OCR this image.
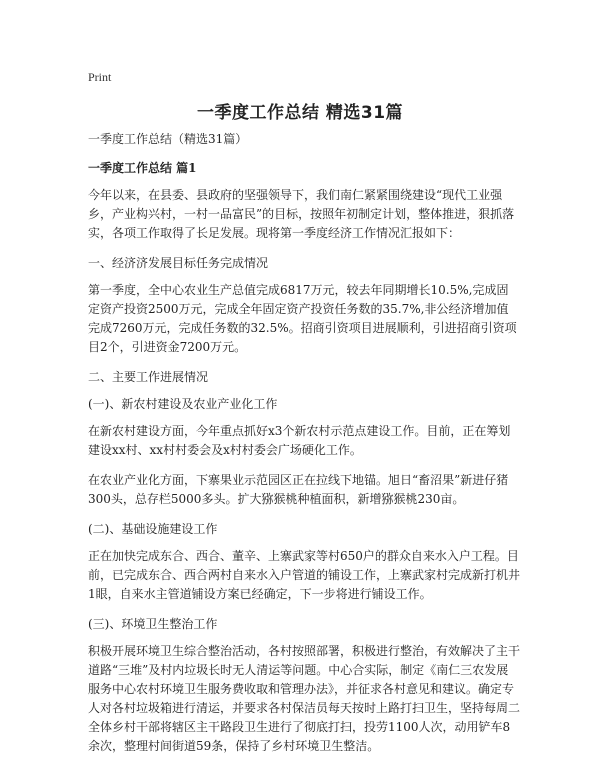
Print
一季度工作总结 精选31篇

一季度工作总结（精选31篇）

一季度工作总结 篇1

今年以来，在县委、县政府的坚强领导下，我们南仁紧紧围绕建设“现代工业强乡，产业构兴村，一村一品富民”的目标，按照年初制定计划，整体推进，狠抓落实，各项工作取得了长足发展。现将第一季度经济工作情况汇报如下：

一、经济济发展目标任务完成情况

第一季度，全中心农业生产总值完成6817万元，较去年同期增长10.5%,完成固定资产投资2500万元，完成全年固定资产投资任务数的35.7%,非公经济增加值完成7260万元，完成任务数的32.5%。招商引资项目进展顺利，引进招商引资项目2个，引进资金7200万元。

二、主要工作进展情况

(一)、新农村建设及农业产业化工作

在新农村建设方面，今年重点抓好x3个新农村示范点建设工作。目前，正在筹划建设xx村、xx村村委会及x村村委会广场硬化工作。

在农业产业化方面，下寨果业示范园区正在拉线下地锚。旭日“畜沼果”新进仔猪300头，总存栏5000多头。扩大猕猴桃种植面积，新增猕猴桃230亩。

(二)、基础设施建设工作

正在加快完成东合、西合、董辛、上寨武家等村650户的群众自来水入户工程。目前，已完成东合、西合两村自来水入户管道的铺设工作，上寨武家村完成新打机井1眼，自来水主管道铺设方案已经确定，下一步将进行铺设工作。

(三)、环境卫生整治工作

积极开展环境卫生综合整治活动，各村按照部署，积极进行整治，有效解决了主干道路“三堆”及村内垃圾长时无人清运等问题。中心合实际，制定《南仁三农发展服务中心农村环境卫生服务费收取和管理办法》，并征求各村意见和建议。确定专人对各村垃圾箱进行清运，并要求各村保洁员每天按时上路打扫卫生，坚持每周二全体乡村干部将辖区主干路段卫生进行了彻底打扫，投劳1100人次，动用铲车8余次，整理村间街道59条，保持了乡村环境卫生整洁。
